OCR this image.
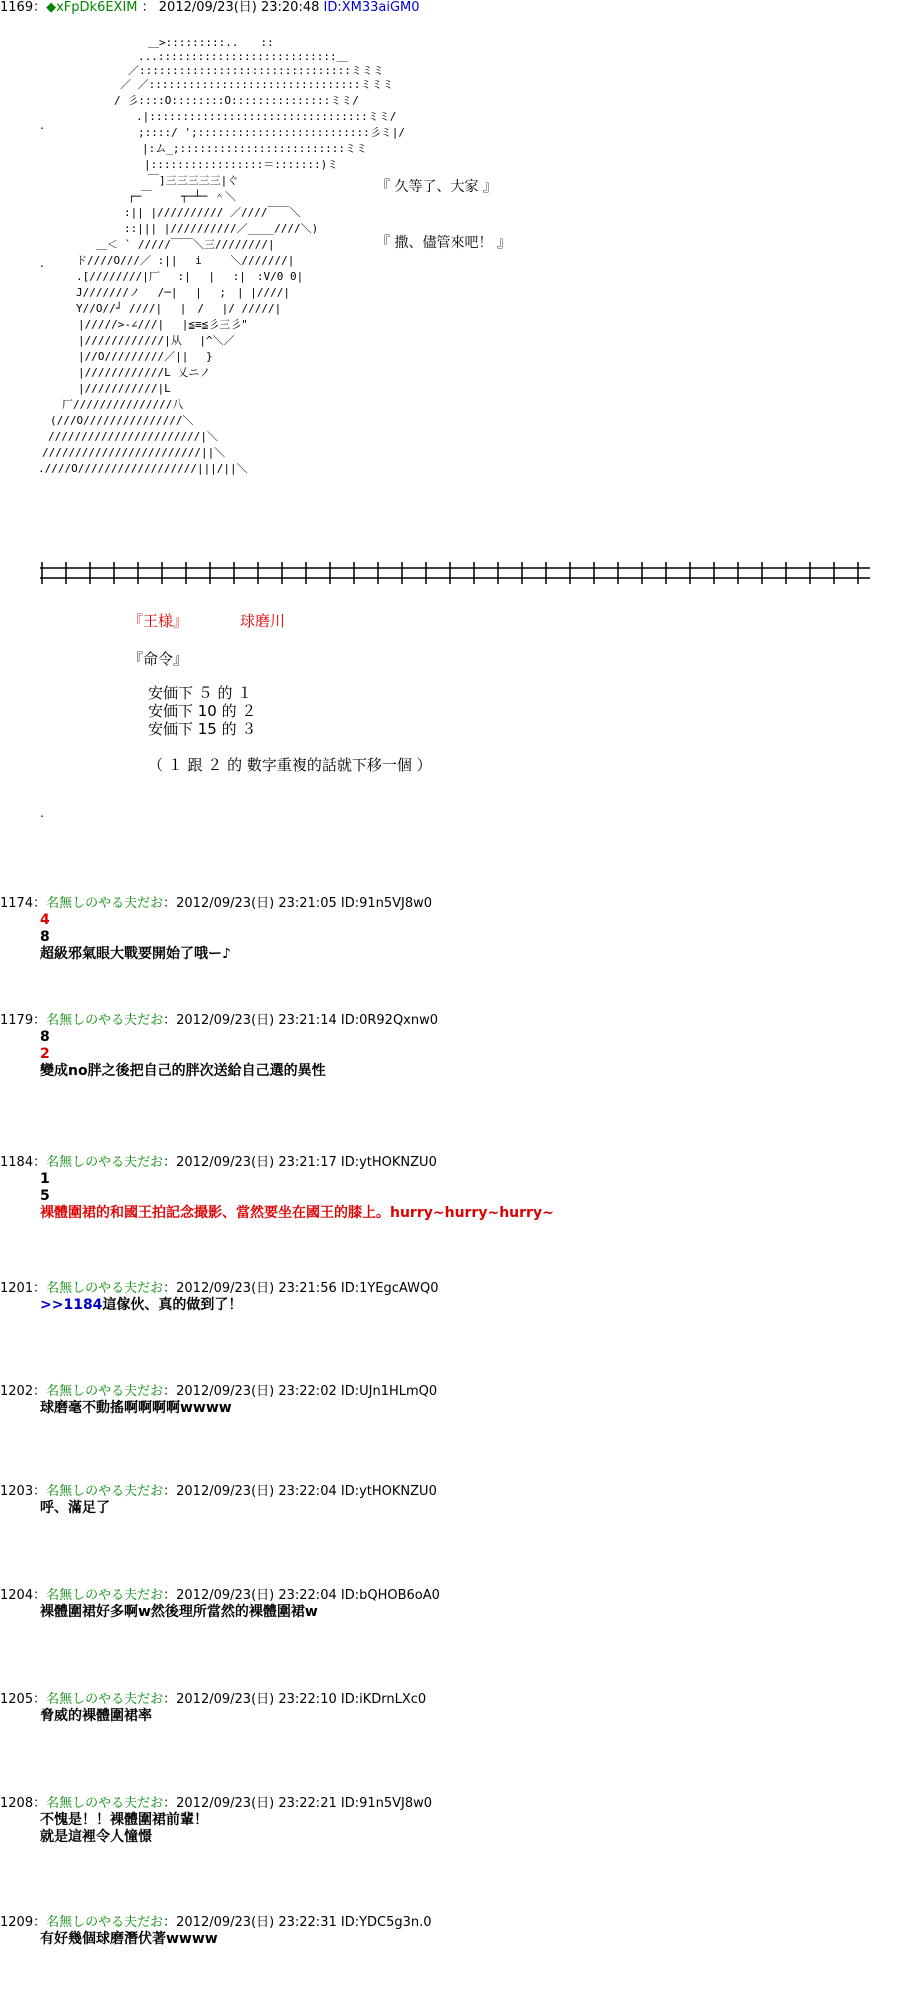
1169：◆xFpDk6EXIM ： 2012/09/23(日) 23:20:48 ID:XM33aiGM0
＿>:::::::::..　　::
...:::::::::::::::::::::::::::＿
／::::::::::::::::::::::::::::::::ミミミ
／ ／::::::::::::::::::::::::::::::::ミミミ
/ 彡::::O::::::::O:::::::::::::::ミミ/
.|:::::::::::::::::::::::::::::::::ミミ/
;::::/ ';::::::::::::::::::::::::::彡ミ|/
|:ム_;:::::::::::::::::::::::::ミミ
|:::::::::::::::::＝:::::::)ミ
￣]三三三三三|ぐ
┌─￣　　 ┬─┴─ ＾＼
:|| |////////// ／////￣￣＼
::||| |//////////／____////＼)
＿＜ ` /////￣￣＼三////////|
ド////O///／ :||　 i　　 ＼///////|
.[////////|厂　 :|　 |　 :|　:V/0 0|
J///////ノ　 /─|　 |　 ;　| |////|
Y//O//┘ ////|　 |　/　 |/ /////|
|/////>-∠///|　 |≦≡≦彡三彡"
|////////////|从　 |^＼／
|//O/////////／|| 　}
|////////////L 乂ニノ
|///////////|L
厂///////////////八
(///O///////////////＼
///////////////////////|＼
////////////////////////||＼
.////O//////////////////|||/||＼
.
.
.
『 久等了、大家 』
『 撒、儘管來吧！ 』
『王様』	球磨川
『命令』
安価下 ５ 的 １
安価下 10 的 ２
安価下 15 的 ３
（ １ 跟 ２ 的 數字重複的話就下移一個 ）
1174：名無しのやる夫だお：2012/09/23(日) 23:21:05 ID:91n5VJ8w0
4
8
超級邪氣眼大戰要開始了哦ー♪
1179：名無しのやる夫だお：2012/09/23(日) 23:21:14 ID:0R92Qxnw0
8
2
變成no胖之後把自己的胖次送給自己選的異性
1184：名無しのやる夫だお：2012/09/23(日) 23:21:17 ID:ytHOKNZU0
1
5
裸體圍裙的和國王拍記念撮影、當然要坐在國王的膝上。hurry~hurry~hurry~
1201：名無しのやる夫だお：2012/09/23(日) 23:21:56 ID:1YEgcAWQ0
>>1184這傢伙、真的做到了！
1202：名無しのやる夫だお：2012/09/23(日) 23:22:02 ID:UJn1HLmQ0
球磨毫不動搖啊啊啊啊wwww
1203：名無しのやる夫だお：2012/09/23(日) 23:22:04 ID:ytHOKNZU0
呼、滿足了
1204：名無しのやる夫だお：2012/09/23(日) 23:22:04 ID:bQHOB6oA0
裸體圍裙好多啊w然後理所當然的裸體圍裙w
1205：名無しのやる夫だお：2012/09/23(日) 23:22:10 ID:iKDrnLXc0
脅威的裸體圍裙率
1208：名無しのやる夫だお：2012/09/23(日) 23:22:21 ID:91n5VJ8w0
不愧是！！裸體圍裙前輩！
就是這裡令人憧憬
1209：名無しのやる夫だお：2012/09/23(日) 23:22:31 ID:YDC5g3n.0
有好幾個球磨潛伏著wwww
